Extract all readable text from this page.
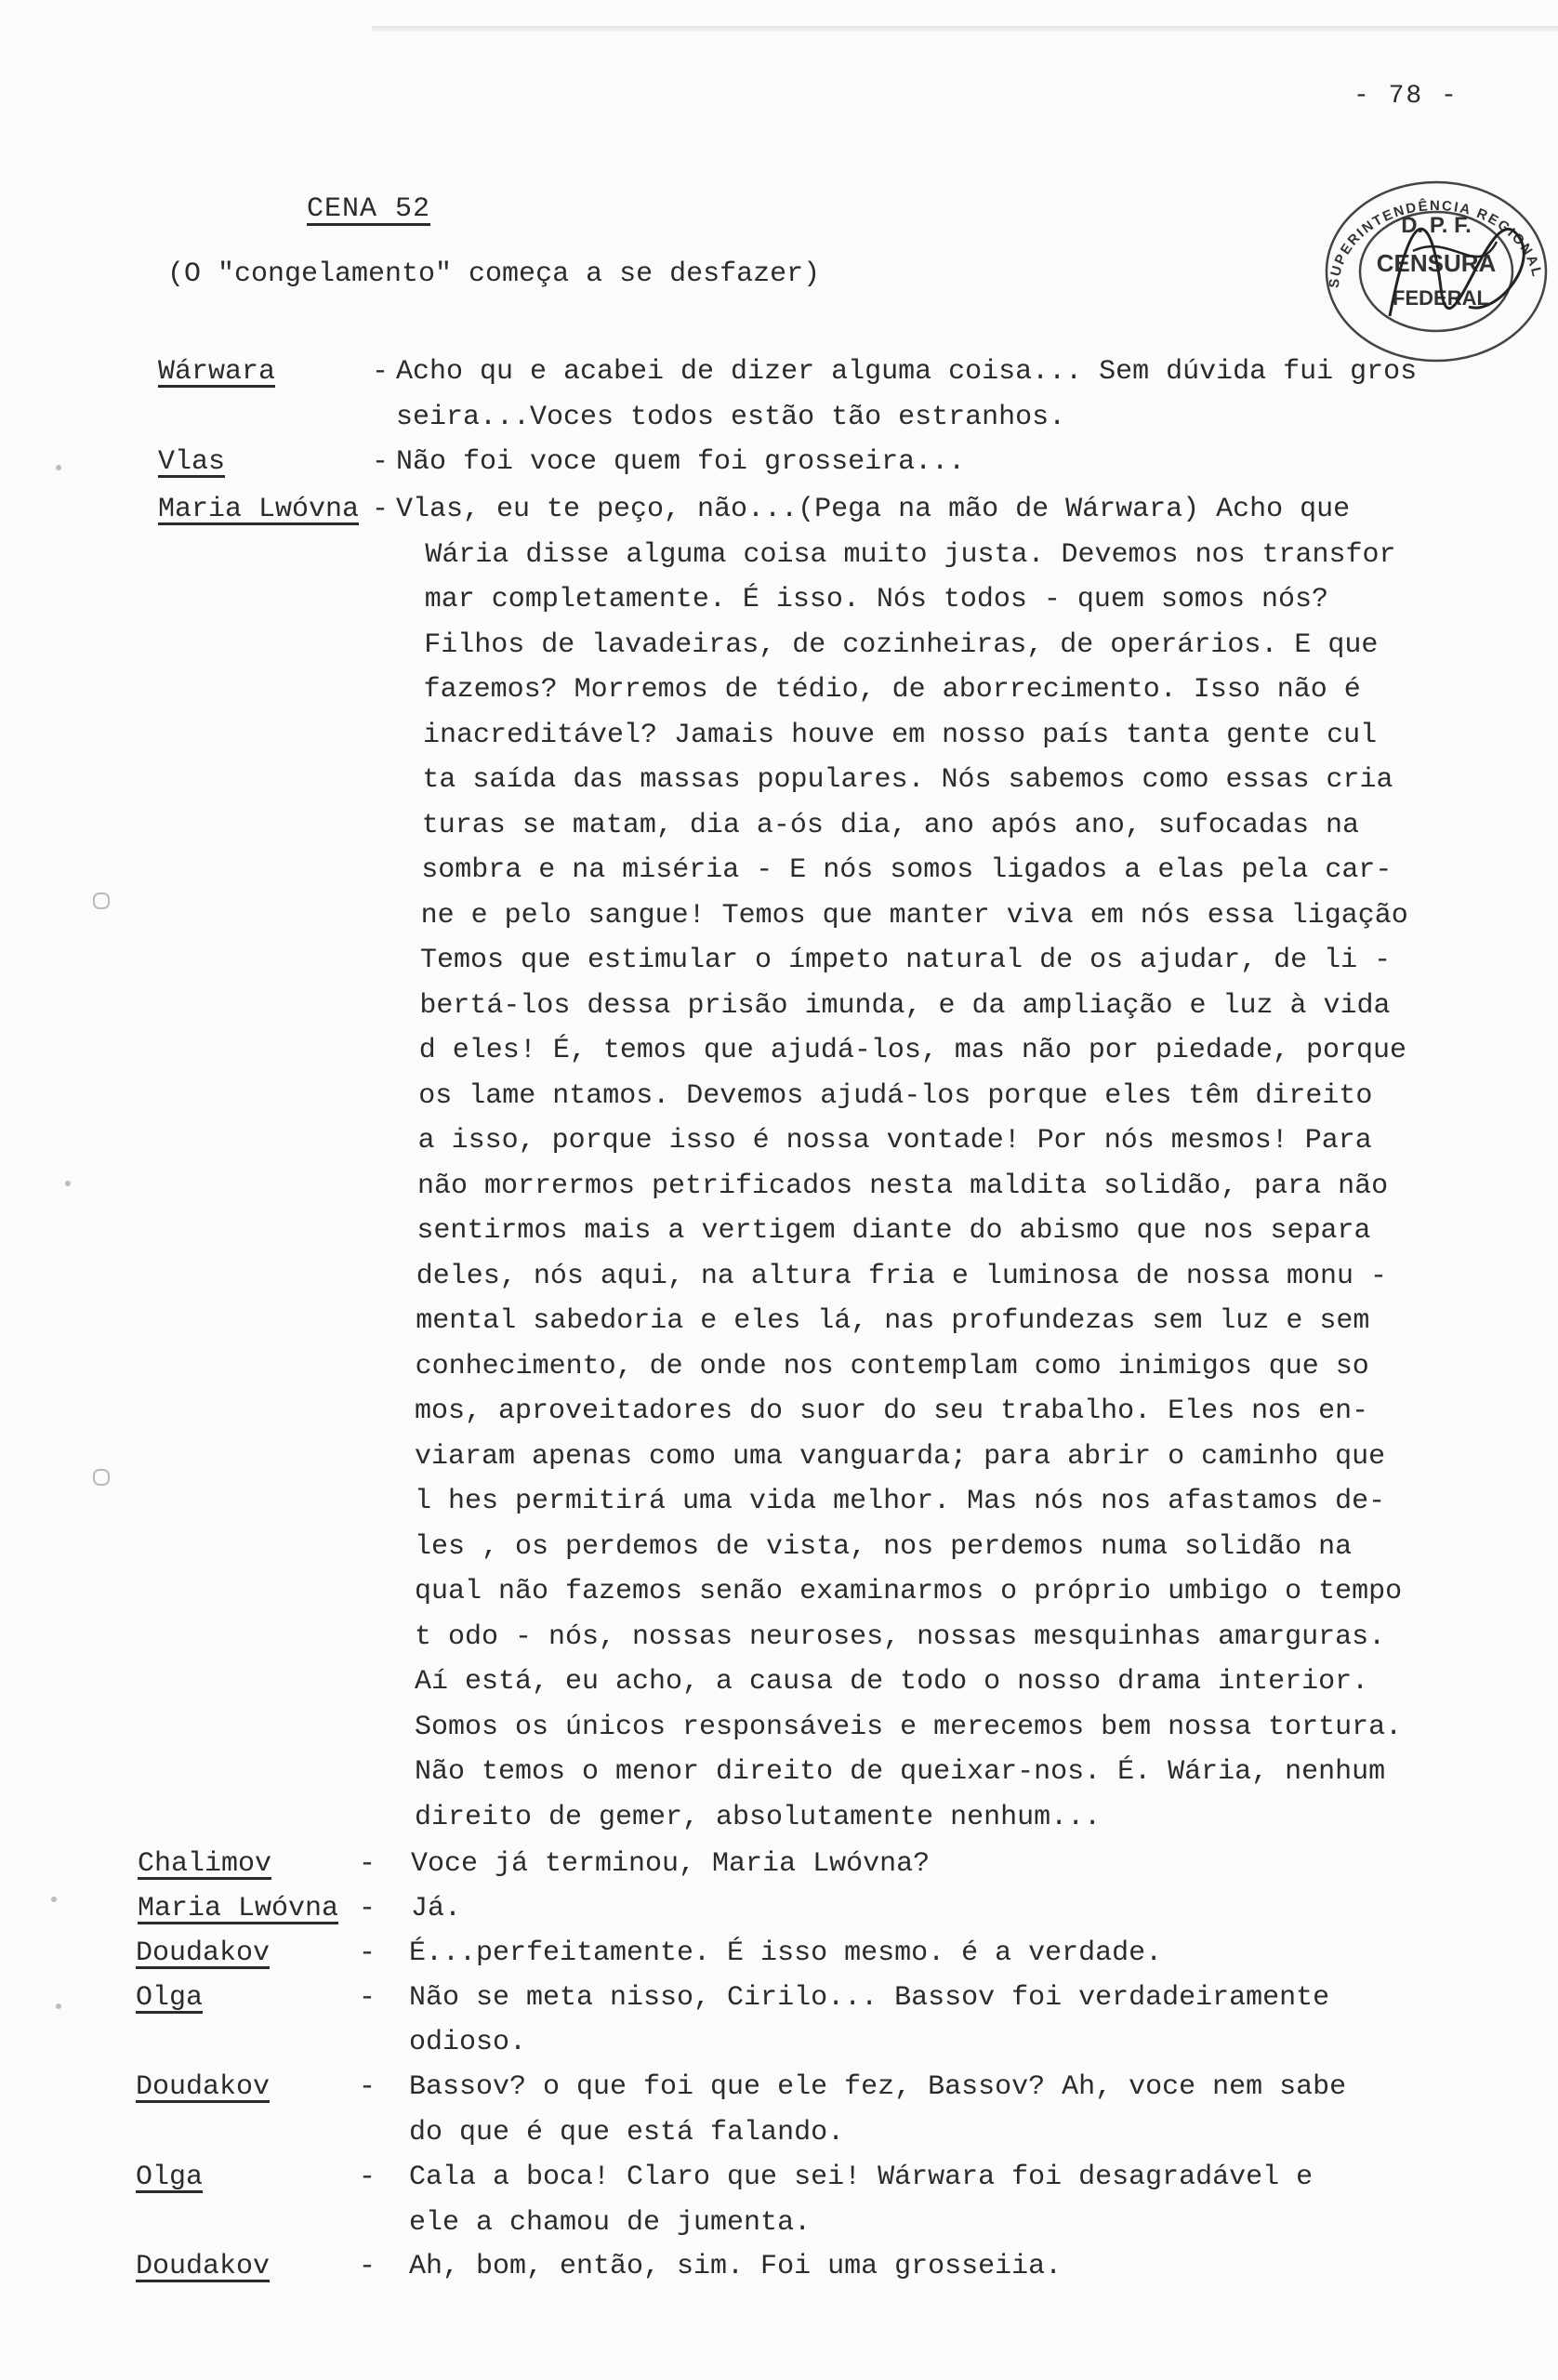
- 78 -
D. P. F.
CENSURA
FEDERAL
SUPERINTENDÊNCIA REGIONAL
CENA 52
(O "congelamento" começa a se desfazer)
Wárwara	- Acho qu e acabei de dizer alguma coisa... Sem dúvida fui gros
seira...Voces todos estão tão estranhos.
Vlas	- Não foi voce quem foi grosseira...
Maria Lwóvna - Vlas, eu te peço, não...(Pega na mão de Wárwara) Acho que
Wária disse alguma coisa muito justa. Devemos nos transfor
mar completamente. É isso. Nós todos - quem somos nós?
Filhos de lavadeiras, de cozinheiras, de operários. E que
fazemos? Morremos de tédio, de aborrecimento. Isso não é
inacreditável? Jamais houve em nosso país tanta gente cul
ta saída das massas populares. Nós sabemos como essas cria
turas se matam, dia a-ós dia, ano após ano, sufocadas na
sombra e na miséria - E nós somos ligados a elas pela car-
ne e pelo sangue! Temos que manter viva em nós essa ligação
Temos que estimular o ímpeto natural de os ajudar, de li -
bertá-los dessa prisão imunda, e da ampliação e luz à vida
d eles! É, temos que ajudá-los, mas não por piedade, porque
os lame ntamos. Devemos ajudá-los porque eles têm direito
a isso, porque isso é nossa vontade! Por nós mesmos! Para
não morrermos petrificados nesta maldita solidão, para não
sentirmos mais a vertigem diante do abismo que nos separa
deles, nós aqui, na altura fria e luminosa de nossa monu -
mental sabedoria e eles lá, nas profundezas sem luz e sem
conhecimento, de onde nos contemplam como inimigos que so
mos, aproveitadores do suor do seu trabalho. Eles nos en-
viaram apenas como uma vanguarda; para abrir o caminho que
l hes permitirá uma vida melhor. Mas nós nos afastamos de-
les , os perdemos de vista, nos perdemos numa solidão na
qual não fazemos senão examinarmos o próprio umbigo o tempo
t odo - nós, nossas neuroses, nossas mesquinhas amarguras.
Aí está, eu acho, a causa de todo o nosso drama interior.
Somos os únicos responsáveis e merecemos bem nossa tortura.
Não temos o menor direito de queixar-nos. É. Wária, nenhum
direito de gemer, absolutamente nenhum...
Chalimov	- Voce já terminou, Maria Lwóvna?
Maria Lwóvna - Já.
Doudakov	- É...perfeitamente. É isso mesmo. é a verdade.
Olga	- Não se meta nisso, Cirilo... Bassov foi verdadeiramente
odioso.
Doudakov	- Bassov? o que foi que ele fez, Bassov? Ah, voce nem sabe
do que é que está falando.
Olga	- Cala a boca! Claro que sei! Wárwara foi desagradável e
ele a chamou de jumenta.
Doudakov	- Ah, bom, então, sim. Foi uma grosseiia.
